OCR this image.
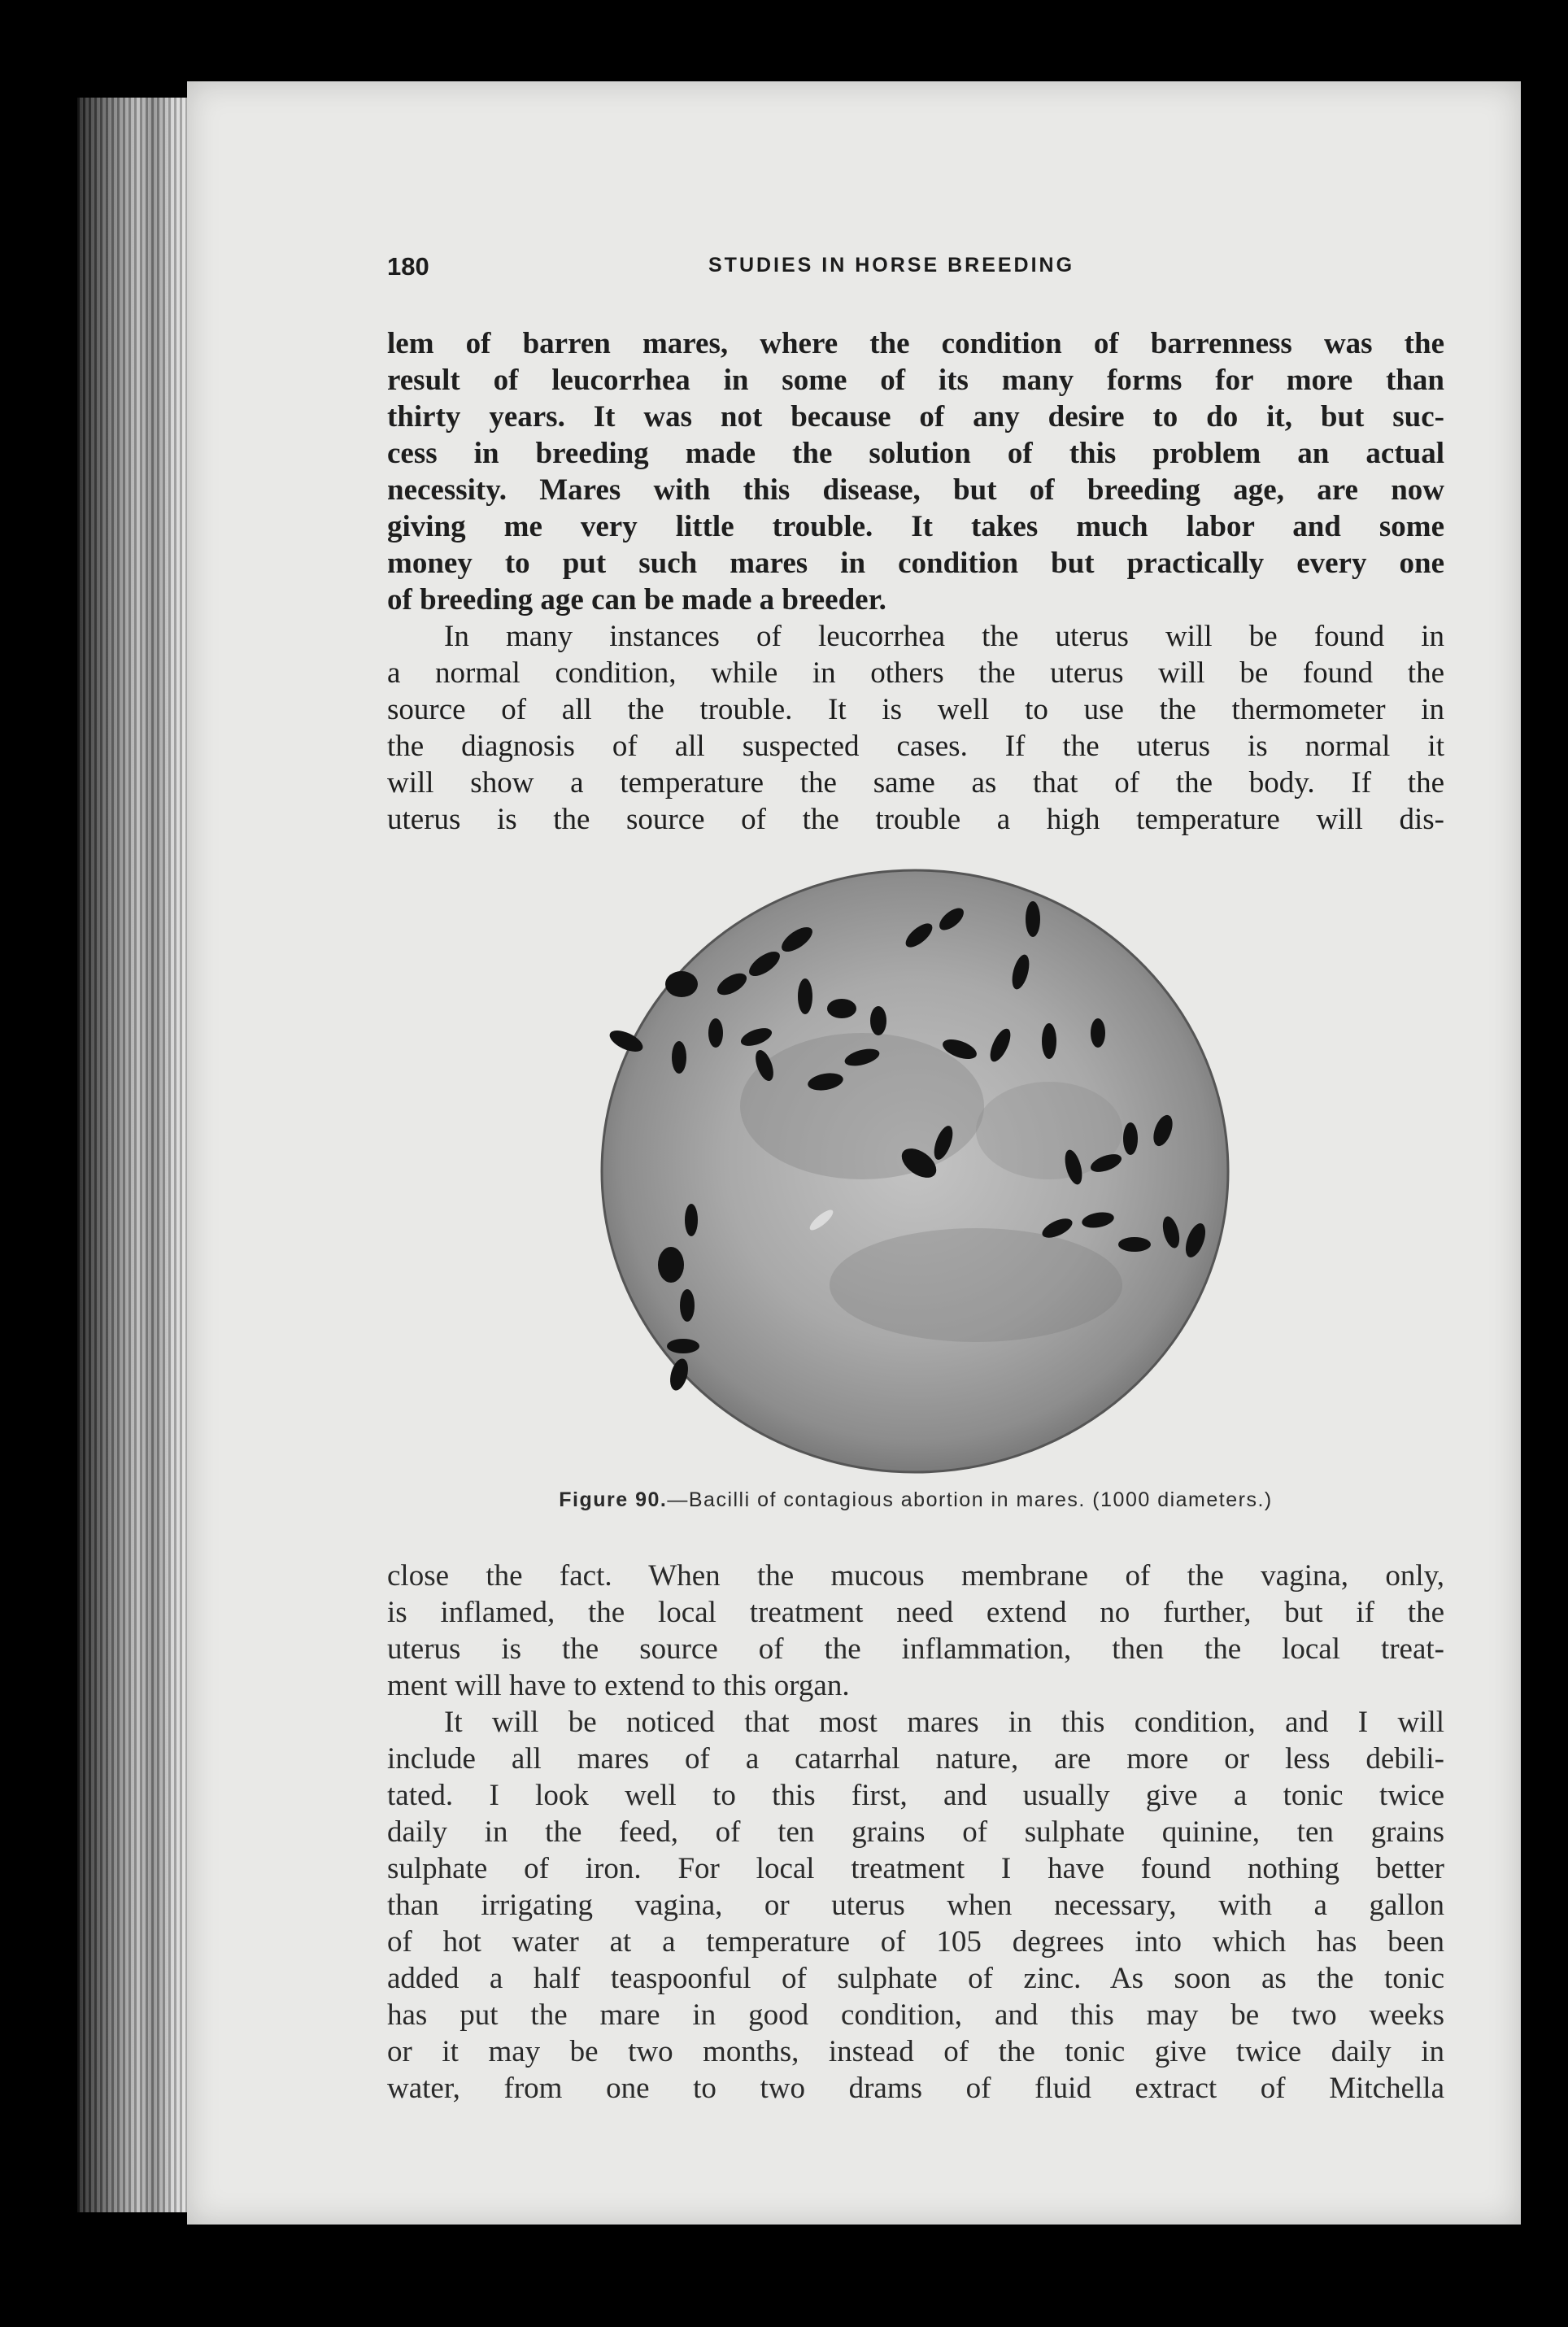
180	STUDIES IN HORSE BREEDING
lem of barren mares, where the condition of barrenness was the
result of leucorrhea in some of its many forms for more than
thirty years. It was not because of any desire to do it, but suc-
cess in breeding made the solution of this problem an actual
necessity. Mares with this disease, but of breeding age, are now
giving me very little trouble. It takes much labor and some
money to put such mares in condition but practically every one
of breeding age can be made a breeder.
In many instances of leucorrhea the uterus will be found in
a normal condition, while in others the uterus will be found the
source of all the trouble. It is well to use the thermometer in
the diagnosis of all suspected cases. If the uterus is normal it
will show a temperature the same as that of the body. If the
uterus is the source of the trouble a high temperature will dis-
Figure 90.—Bacilli of contagious abortion in mares. (1000 diameters.)
close the fact. When the mucous membrane of the vagina, only,
is inflamed, the local treatment need extend no further, but if the
uterus is the source of the inflammation, then the local treat-
ment will have to extend to this organ.
It will be noticed that most mares in this condition, and I will
include all mares of a catarrhal nature, are more or less debili-
tated. I look well to this first, and usually give a tonic twice
daily in the feed, of ten grains of sulphate quinine, ten grains
sulphate of iron. For local treatment I have found nothing better
than irrigating vagina, or uterus when necessary, with a gallon
of hot water at a temperature of 105 degrees into which has been
added a half teaspoonful of sulphate of zinc. As soon as the tonic
has put the mare in good condition, and this may be two weeks
or it may be two months, instead of the tonic give twice daily in
water, from one to two drams of fluid extract of Mitchella
